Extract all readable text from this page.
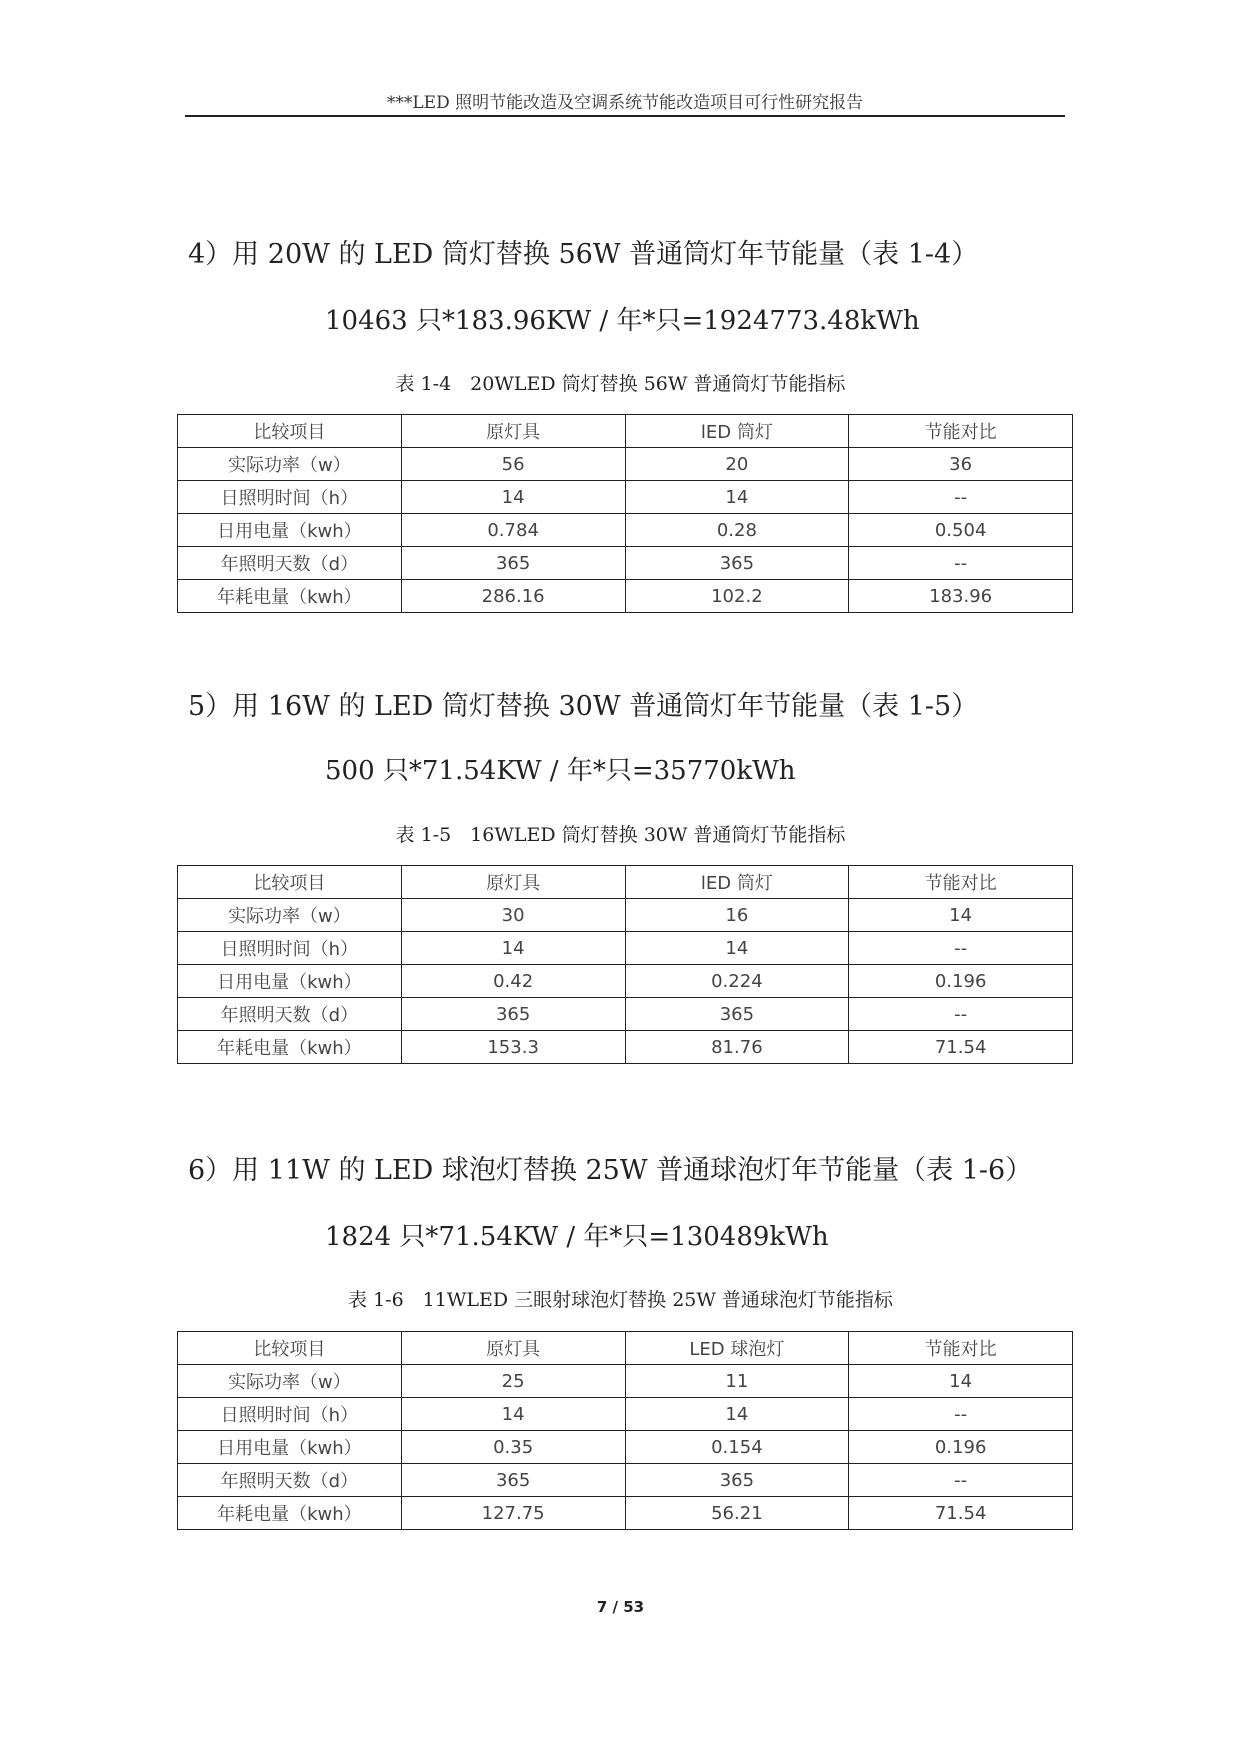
***LED 照明节能改造及空调系统节能改造项目可行性研究报告
4）用 20W 的 LED 筒灯替换 56W 普通筒灯年节能量（表 1-4）
10463 只*183.96KW / 年*只=1924773.48kWh
表 1-4　20WLED 筒灯替换 56W 普通筒灯节能指标
比较项目	原灯具	lED 筒灯	节能对比
实际功率（w）	56	20	36
日照明时间（h）	14	14	--
日用电量（kwh）	0.784	0.28	0.504
年照明天数（d）	365	365	--
年耗电量（kwh）	286.16	102.2	183.96
5）用 16W 的 LED 筒灯替换 30W 普通筒灯年节能量（表 1-5）
500 只*71.54KW / 年*只=35770kWh
表 1-5　16WLED 筒灯替换 30W 普通筒灯节能指标
比较项目	原灯具	lED 筒灯	节能对比
实际功率（w）	30	16	14
日照明时间（h）	14	14	--
日用电量（kwh）	0.42	0.224	0.196
年照明天数（d）	365	365	--
年耗电量（kwh）	153.3	81.76	71.54
6）用 11W 的 LED 球泡灯替换 25W 普通球泡灯年节能量（表 1-6）
1824 只*71.54KW / 年*只=130489kWh
表 1-6　11WLED 三眼射球泡灯替换 25W 普通球泡灯节能指标
比较项目	原灯具	LED 球泡灯	节能对比
实际功率（w）	25	11	14
日照明时间（h）	14	14	--
日用电量（kwh）	0.35	0.154	0.196
年照明天数（d）	365	365	--
年耗电量（kwh）	127.75	56.21	71.54
7 / 53
